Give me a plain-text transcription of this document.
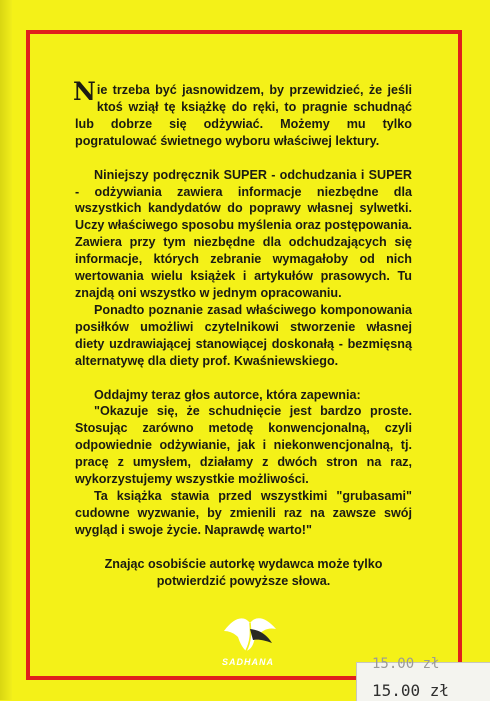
Nie trzeba być jasnowidzem, by przewidzieć, że jeśli ktoś wziął tę książkę do ręki, to pragnie schudnąć lub dobrze się odżywiać. Możemy mu tylko pogratulować świetnego wyboru właściwej lektury.

Niniejszy podręcznik SUPER - odchudzania i SUPER - odżywiania zawiera informacje niezbędne dla wszystkich kandydatów do poprawy własnej sylwetki. Uczy właściwego sposobu myślenia oraz postępowania. Zawiera przy tym niezbędne dla odchudzających się informacje, których zebranie wymagałoby od nich wertowania wielu książek i artykułów prasowych. Tu znajdą oni wszystko w jednym opracowaniu.

Ponadto poznanie zasad właściwego komponowania posiłków umożliwi czytelnikowi stworzenie własnej diety uzdrawiającej stanowiącej doskonałą - bezmięsną alternatywę dla diety prof. Kwaśniewskiego.

Oddajmy teraz głos autorce, która zapewnia:

"Okazuje się, że schudnięcie jest bardzo proste. Stosując zarówno metodę konwencjonalną, czyli odpowiednie odżywianie, jak i niekonwencjonalną, tj. pracę z umysłem, działamy z dwóch stron na raz, wykorzystujemy wszystkie możliwości.

Ta książka stawia przed wszystkimi "grubasami" cudowne wyzwanie, by zmienili raz na zawsze swój wygląd i swoje życie. Naprawdę warto!"

Znając osobiście autorkę wydawca może tylko potwierdzić powyższe słowa.

SADHANA	15.00 zł
15.00 zł
